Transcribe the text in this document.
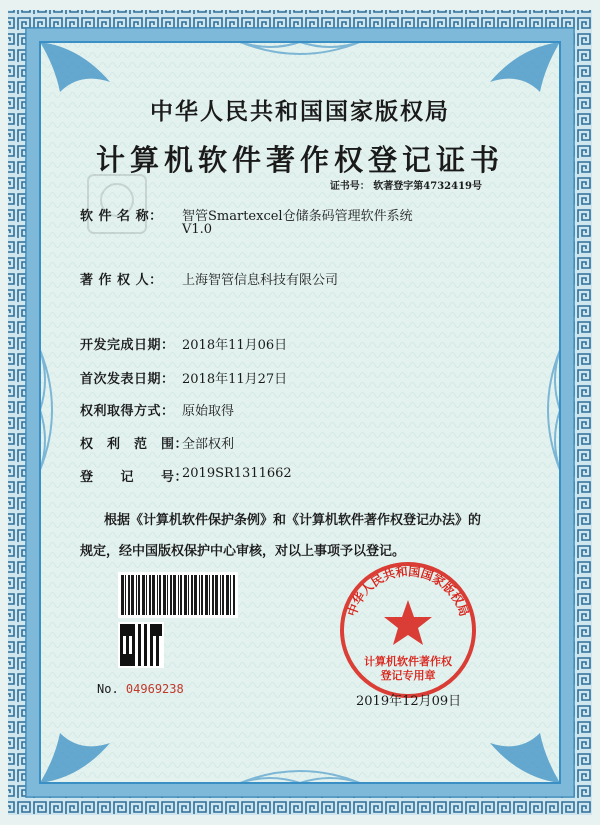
中华人民共和国国家版权局
计算机软件著作权
登记专用章
中华人民共和国国家版权局
计算机软件著作权登记证书
证书号： 软著登字第4732419号
软 件 名 称： 智管Smartexcel仓储条码管理软件系统
V1.0
著 作 权 人： 上海智管信息科技有限公司
开发完成日期： 2018年11月06日
首次发表日期： 2018年11月27日
权利取得方式： 原始取得
权　利　范　围：
全部权利
登　　记　　号：
2019SR1311662
根据《计算机软件保护条例》和《计算机软件著作权登记办法》的
规定，经中国版权保护中心审核，对以上事项予以登记。
No. 04969238
2019年12月09日
